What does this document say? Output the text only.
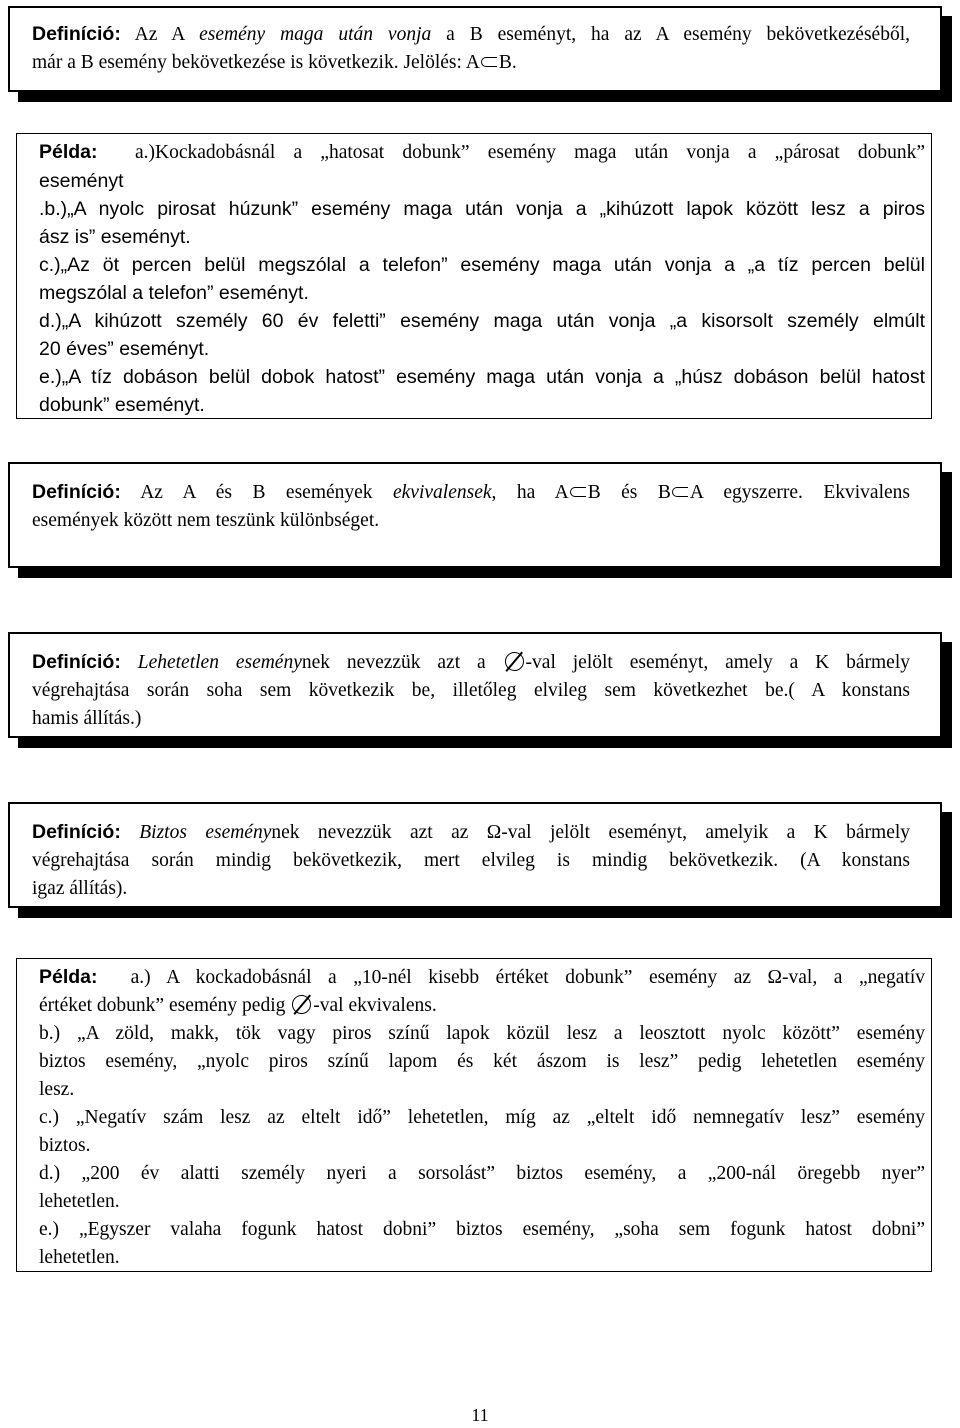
Definíció: Az A esemény maga után vonja a B eseményt, ha az A esemény bekövetkezéséből,
már a B esemény bekövetkezése is következik. Jelölés: A B.
Példa: a.)Kockadobásnál a „hatosat dobunk” esemény maga után vonja a „párosat dobunk”
eseményt
.b.)„A nyolc pirosat húzunk” esemény maga után vonja a „kihúzott lapok között lesz a piros
ász is” eseményt.
c.)„Az öt percen belül megszólal a telefon” esemény maga után vonja a „a tíz percen belül
megszólal a telefon” eseményt.
d.)„A kihúzott személy 60 év feletti” esemény maga után vonja „a kisorsolt személy elmúlt
20 éves” eseményt.
e.)„A tíz dobáson belül dobok hatost” esemény maga után vonja a „húsz dobáson belül hatost
dobunk” eseményt.
Definíció: Az A és B események ekvivalensek, ha A B és B A egyszerre. Ekvivalens
események között nem teszünk különbséget.
Definíció: Lehetetlen eseménynek nevezzük azt a -val jelölt eseményt, amely a K bármely
végrehajtása során soha sem következik be, illetőleg elvileg sem következhet be.( A konstans
hamis állítás.)
Definíció: Biztos eseménynek nevezzük azt az Ω-val jelölt eseményt, amelyik a K bármely
végrehajtása során mindig bekövetkezik, mert elvileg is mindig bekövetkezik. (A konstans
igaz állítás).
Példa: a.) A kockadobásnál a „10-nél kisebb értéket dobunk” esemény az Ω-val, a „negatív
értéket dobunk” esemény pedig -val ekvivalens.
b.) „A zöld, makk, tök vagy piros színű lapok közül lesz a leosztott nyolc között” esemény
biztos esemény, „nyolc piros színű lapom és két ászom is lesz” pedig lehetetlen esemény
lesz.
c.) „Negatív szám lesz az eltelt idő” lehetetlen, míg az „eltelt idő nemnegatív lesz” esemény
biztos.
d.) „200 év alatti személy nyeri a sorsolást” biztos esemény, a „200-nál öregebb nyer”
lehetetlen.
e.) „Egyszer valaha fogunk hatost dobni” biztos esemény, „soha sem fogunk hatost dobni”
lehetetlen.
11
